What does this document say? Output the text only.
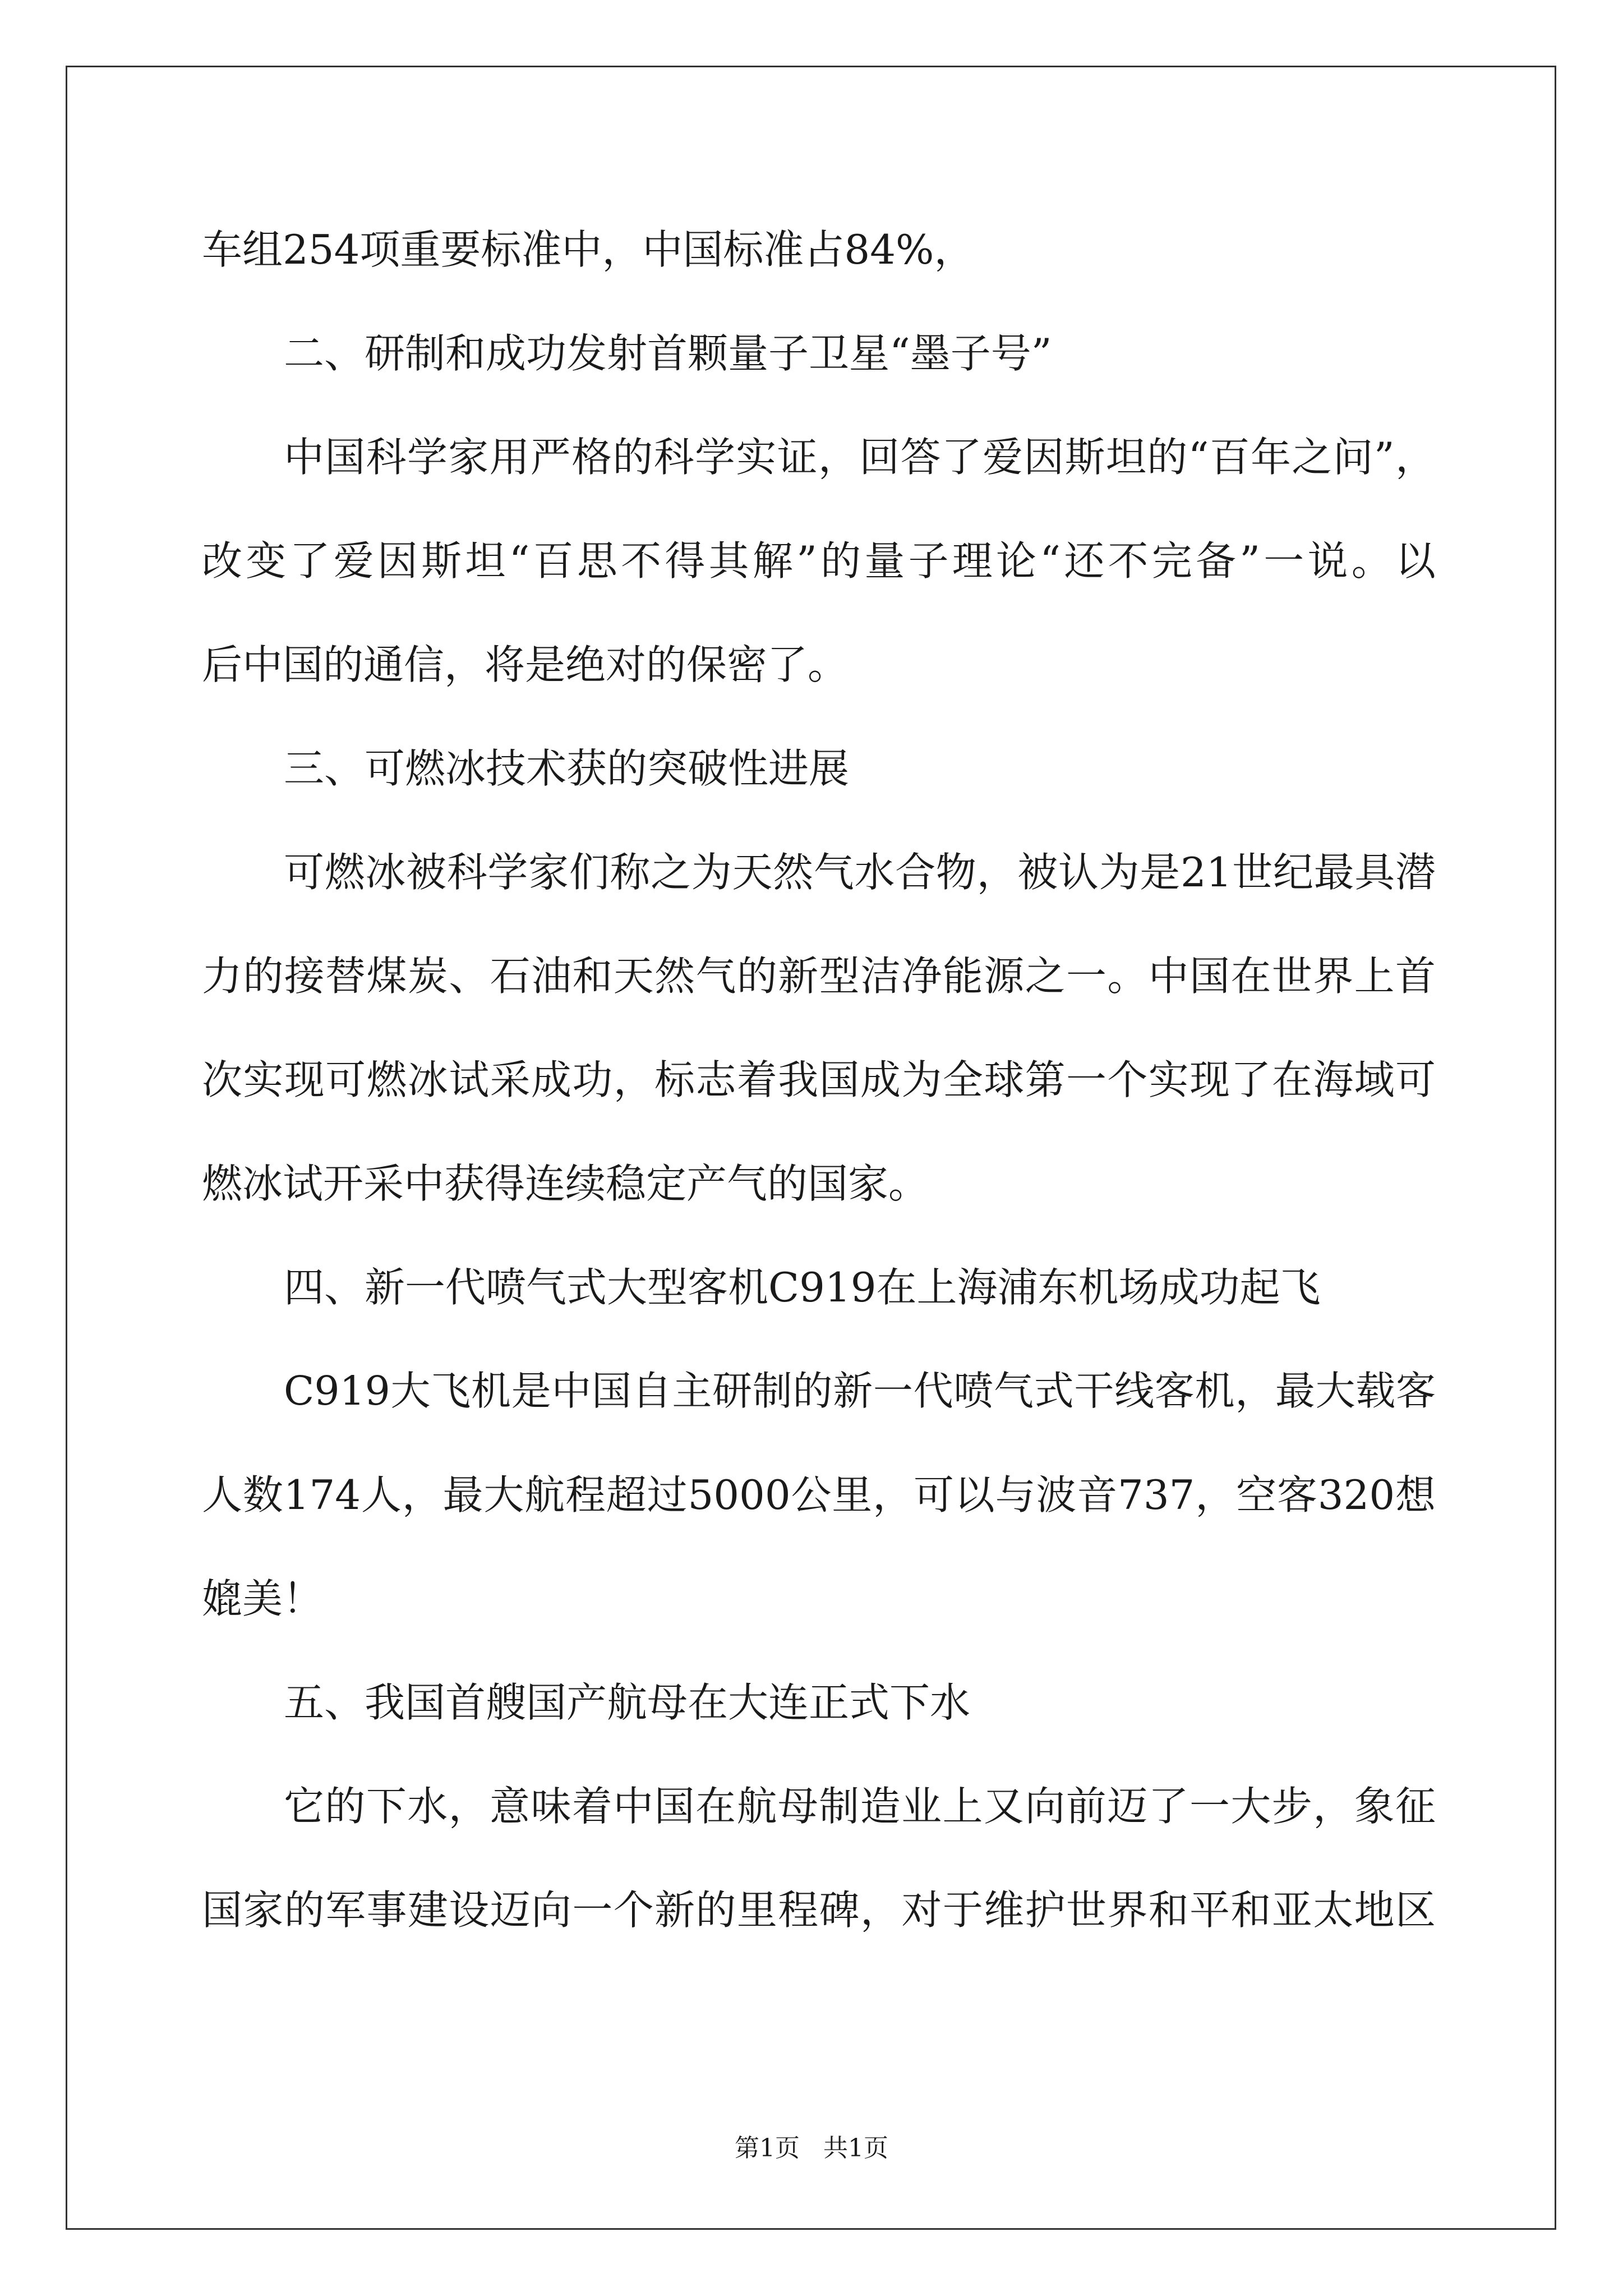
车组254项重要标准中，中国标准占84%，
二、研制和成功发射首颗量子卫星“墨子号”
中国科学家用严格的科学实证，回答了爱因斯坦的“百年之问”，
改变了爱因斯坦“百思不得其解”的量子理论“还不完备”一说。以
后中国的通信，将是绝对的保密了。
三、可燃冰技术获的突破性进展
可燃冰被科学家们称之为天然气水合物，被认为是21世纪最具潜
力的接替煤炭、石油和天然气的新型洁净能源之一。中国在世界上首
次实现可燃冰试采成功，标志着我国成为全球第一个实现了在海域可
燃冰试开采中获得连续稳定产气的国家。
四、新一代喷气式大型客机C919在上海浦东机场成功起飞
C919大飞机是中国自主研制的新一代喷气式干线客机，最大载客
人数174人，最大航程超过5000公里，可以与波音737，空客320想
媲美！
五、我国首艘国产航母在大连正式下水
它的下水，意味着中国在航母制造业上又向前迈了一大步，象征
国家的军事建设迈向一个新的里程碑，对于维护世界和平和亚太地区
第1页   共1页
